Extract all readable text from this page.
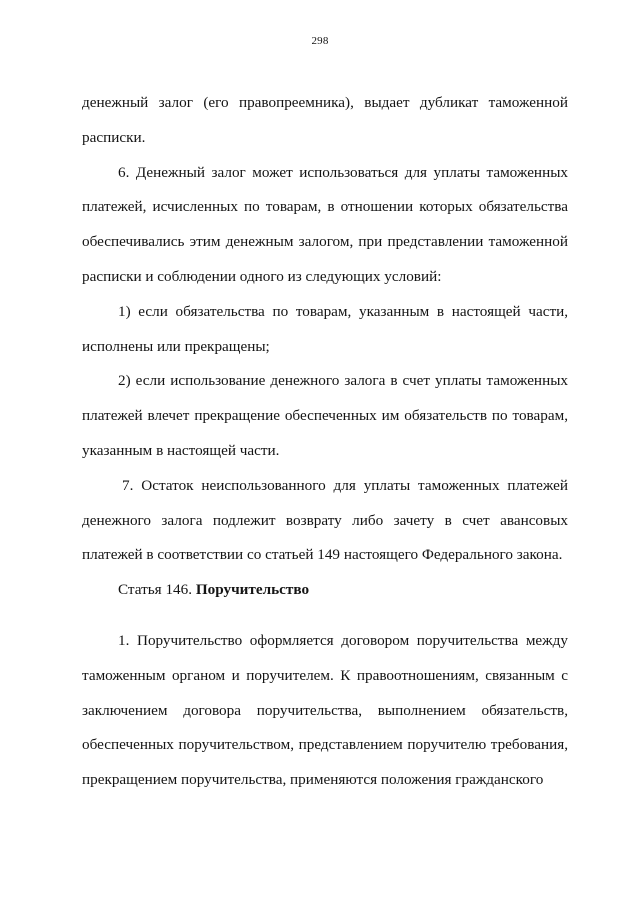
298

денежный залог (его правопреемника), выдает дубликат таможенной расписки.

6. Денежный залог может использоваться для уплаты таможенных платежей, исчисленных по товарам, в отношении которых обязательства обеспечивались этим денежным залогом, при представлении таможенной расписки и соблюдении одного из следующих условий:

1) если обязательства по товарам, указанным в настоящей части, исполнены или прекращены;

2) если использование денежного залога в счет уплаты таможенных платежей влечет прекращение обеспеченных им обязательств по товарам, указанным в настоящей части.

7. Остаток неиспользованного для уплаты таможенных платежей денежного залога подлежит возврату либо зачету в счет авансовых платежей в соответствии со статьей 149 настоящего Федерального закона.

Статья 146. Поручительство

1. Поручительство оформляется договором поручительства между таможенным органом и поручителем. К правоотношениям, связанным с заключением договора поручительства, выполнением обязательств, обеспеченных поручительством, представлением поручителю требования, прекращением поручительства, применяются положения гражданского
